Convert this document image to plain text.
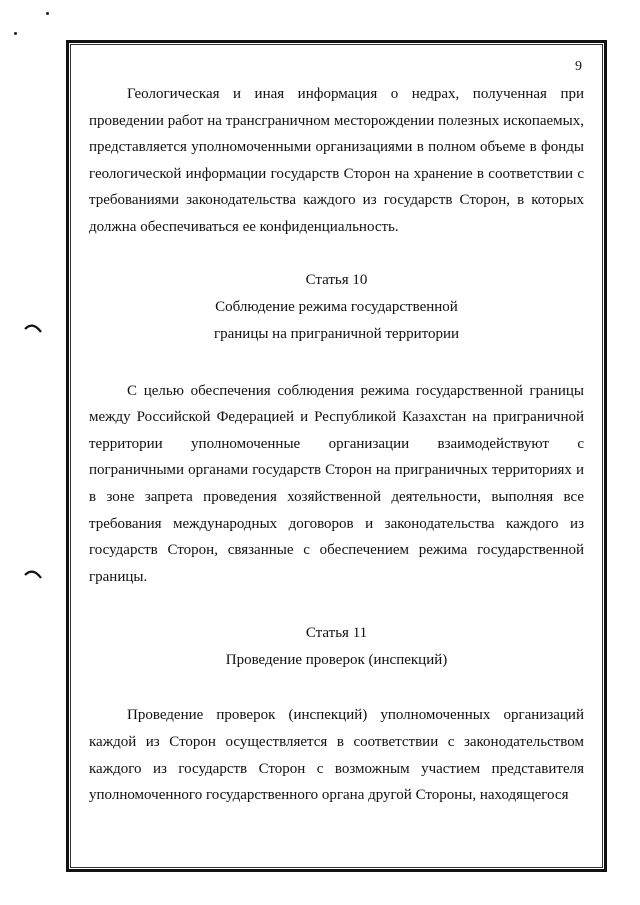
9

Геологическая и иная информация о недрах, полученная при проведении работ на трансграничном месторождении полезных ископаемых, представляется уполномоченными организациями в полном объеме в фонды геологической информации государств Сторон на хранение в соответствии с требованиями законодательства каждого из государств Сторон, в которых должна обеспечиваться ее конфиденциальность.

Статья 10
Соблюдение режима государственной
границы на приграничной территории

С целью обеспечения соблюдения режима государственной границы между Российской Федерацией и Республикой Казахстан на приграничной территории уполномоченные организации взаимодействуют с пограничными органами государств Сторон на приграничных территориях и в зоне запрета проведения хозяйственной деятельности, выполняя все требования международных договоров и законодательства каждого из государств Сторон, связанные с обеспечением режима государственной границы.

Статья 11
Проведение проверок (инспекций)

Проведение проверок (инспекций) уполномоченных организаций каждой из Сторон осуществляется в соответствии с законодательством каждого из государств Сторон с возможным участием представителя уполномоченного государственного органа другой Стороны, находящегося
